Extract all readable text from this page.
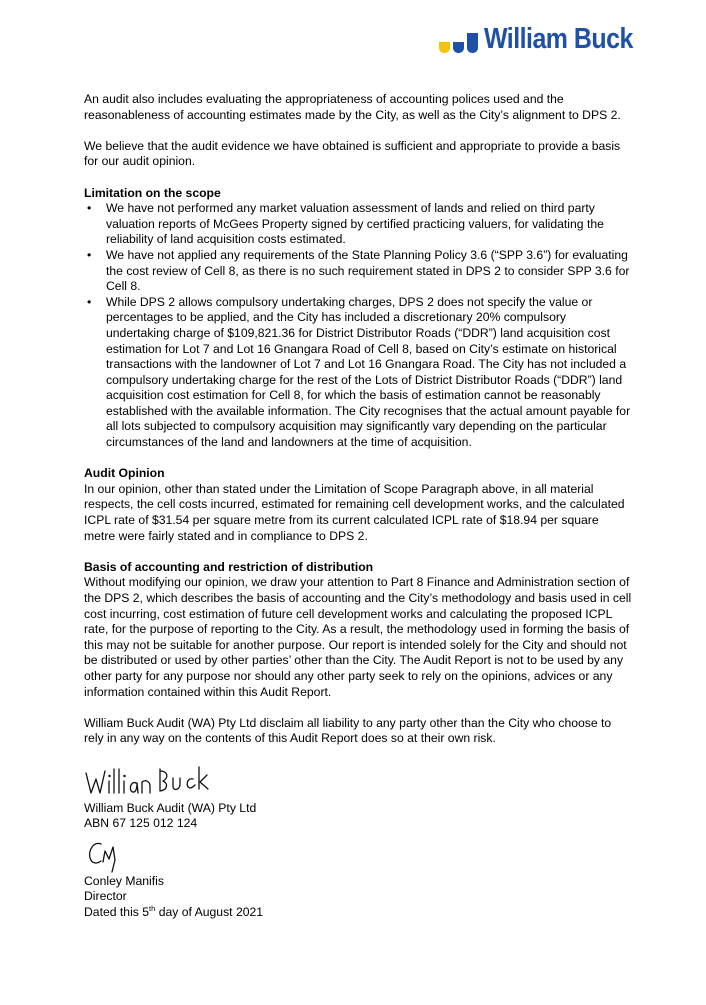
William Buck

An audit also includes evaluating the appropriateness of accounting polices used and the reasonableness of accounting estimates made by the City, as well as the City’s alignment to DPS 2.

We believe that the audit evidence we have obtained is sufficient and appropriate to provide a basis for our audit opinion.

Limitation on the scope
• We have not performed any market valuation assessment of lands and relied on third party valuation reports of McGees Property signed by certified practicing valuers, for validating the reliability of land acquisition costs estimated.
• We have not applied any requirements of the State Planning Policy 3.6 (“SPP 3.6”) for evaluating the cost review of Cell 8, as there is no such requirement stated in DPS 2 to consider SPP 3.6 for Cell 8.
• While DPS 2 allows compulsory undertaking charges, DPS 2 does not specify the value or percentages to be applied, and the City has included a discretionary 20% compulsory undertaking charge of $109,821.36 for District Distributor Roads (“DDR”) land acquisition cost estimation for Lot 7 and Lot 16 Gnangara Road of Cell 8, based on City’s estimate on historical transactions with the landowner of Lot 7 and Lot 16 Gnangara Road. The City has not included a compulsory undertaking charge for the rest of the Lots of District Distributor Roads (“DDR”) land acquisition cost estimation for Cell 8, for which the basis of estimation cannot be reasonably established with the available information. The City recognises that the actual amount payable for all lots subjected to compulsory acquisition may significantly vary depending on the particular circumstances of the land and landowners at the time of acquisition.
Audit Opinion

In our opinion, other than stated under the Limitation of Scope Paragraph above, in all material respects, the cell costs incurred, estimated for remaining cell development works, and the calculated ICPL rate of $31.54 per square metre from its current calculated ICPL rate of $18.94 per square metre were fairly stated and in compliance to DPS 2.

Basis of accounting and restriction of distribution

Without modifying our opinion, we draw your attention to Part 8 Finance and Administration section of the DPS 2, which describes the basis of accounting and the City’s methodology and basis used in cell cost incurring, cost estimation of future cell development works and calculating the proposed ICPL rate, for the purpose of reporting to the City. As a result, the methodology used in forming the basis of this may not be suitable for another purpose. Our report is intended solely for the City and should not be distributed or used by other parties’ other than the City. The Audit Report is not to be used by any other party for any purpose nor should any other party seek to rely on the opinions, advices or any information contained within this Audit Report.

William Buck Audit (WA) Pty Ltd disclaim all liability to any party other than the City who choose to rely in any way on the contents of this Audit Report does so at their own risk.

William Buck Audit (WA) Pty Ltd
ABN 67 125 012 124
Conley Manifis
Director
Dated this 5th day of August 2021
